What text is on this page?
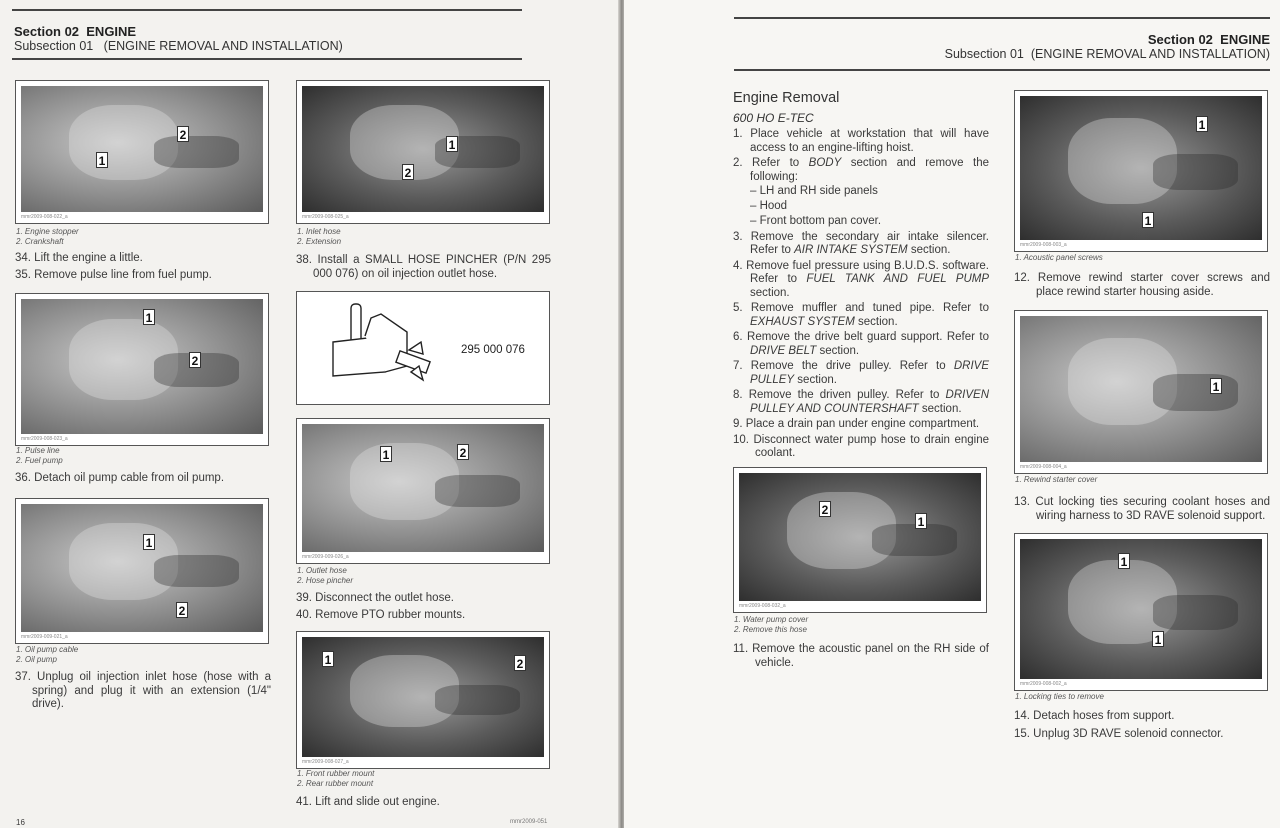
Section 02 ENGINE
Subsection 01 (ENGINE REMOVAL AND INSTALLATION)
1
2
mmr2009-008-022_a
1. Engine stopper
2. Crankshaft
34. Lift the engine a little.
35. Remove pulse line from fuel pump.
1
2
mmr2009-008-023_a
1. Pulse line
2. Fuel pump
36. Detach oil pump cable from oil pump.
1
2
mmr2009-009-021_a
1. Oil pump cable
2. Oil pump
37. Unplug oil injection inlet hose (hose with a spring) and plug it with an extension (1/4" drive).
1
2
mmr2009-008-025_a
1. Inlet hose
2. Extension
38. Install a SMALL HOSE PINCHER (P/N 295 000 076) on oil injection outlet hose.
295 000 076
1	2
mmr2009-009-026_a
1. Outlet hose
2. Hose pincher
39. Disconnect the outlet hose.
40. Remove PTO rubber mounts.
1	2
mmr2009-008-027_a
1. Front rubber mount
2. Rear rubber mount
41. Lift and slide out engine.
16	mmr2009-051
Section 02 ENGINE
Subsection 01 (ENGINE REMOVAL AND INSTALLATION)
Engine Removal
600 HO E-TEC
1. Place vehicle at workstation that will have access to an engine-lifting hoist.
2. Refer to BODY section and remove the following:
– LH and RH side panels
– Hood
– Front bottom pan cover.
3. Remove the secondary air intake silencer. Refer to AIR INTAKE SYSTEM section.
4. Remove fuel pressure using B.U.D.S. software. Refer to FUEL TANK AND FUEL PUMP section.
5. Remove muffler and tuned pipe. Refer to EXHAUST SYSTEM section.
6. Remove the drive belt guard support. Refer to DRIVE BELT section.
7. Remove the drive pulley. Refer to DRIVE PULLEY section.
8. Remove the driven pulley. Refer to DRIVEN PULLEY AND COUNTERSHAFT section.
9. Place a drain pan under engine compartment.
10. Disconnect water pump hose to drain engine coolant.
2
1
mmr2009-008-032_a
1. Water pump cover
2. Remove this hose
11. Remove the acoustic panel on the RH side of vehicle.
1
1
mmr2009-008-003_a
1. Acoustic panel screws
12. Remove rewind starter cover screws and place rewind starter housing aside.
1
mmr2009-008-004_a
1. Rewind starter cover
13. Cut locking ties securing coolant hoses and wiring harness to 3D RAVE solenoid support.
1
1
mmr2009-008-002_a
1. Locking ties to remove
14. Detach hoses from support.
15. Unplug 3D RAVE solenoid connector.
